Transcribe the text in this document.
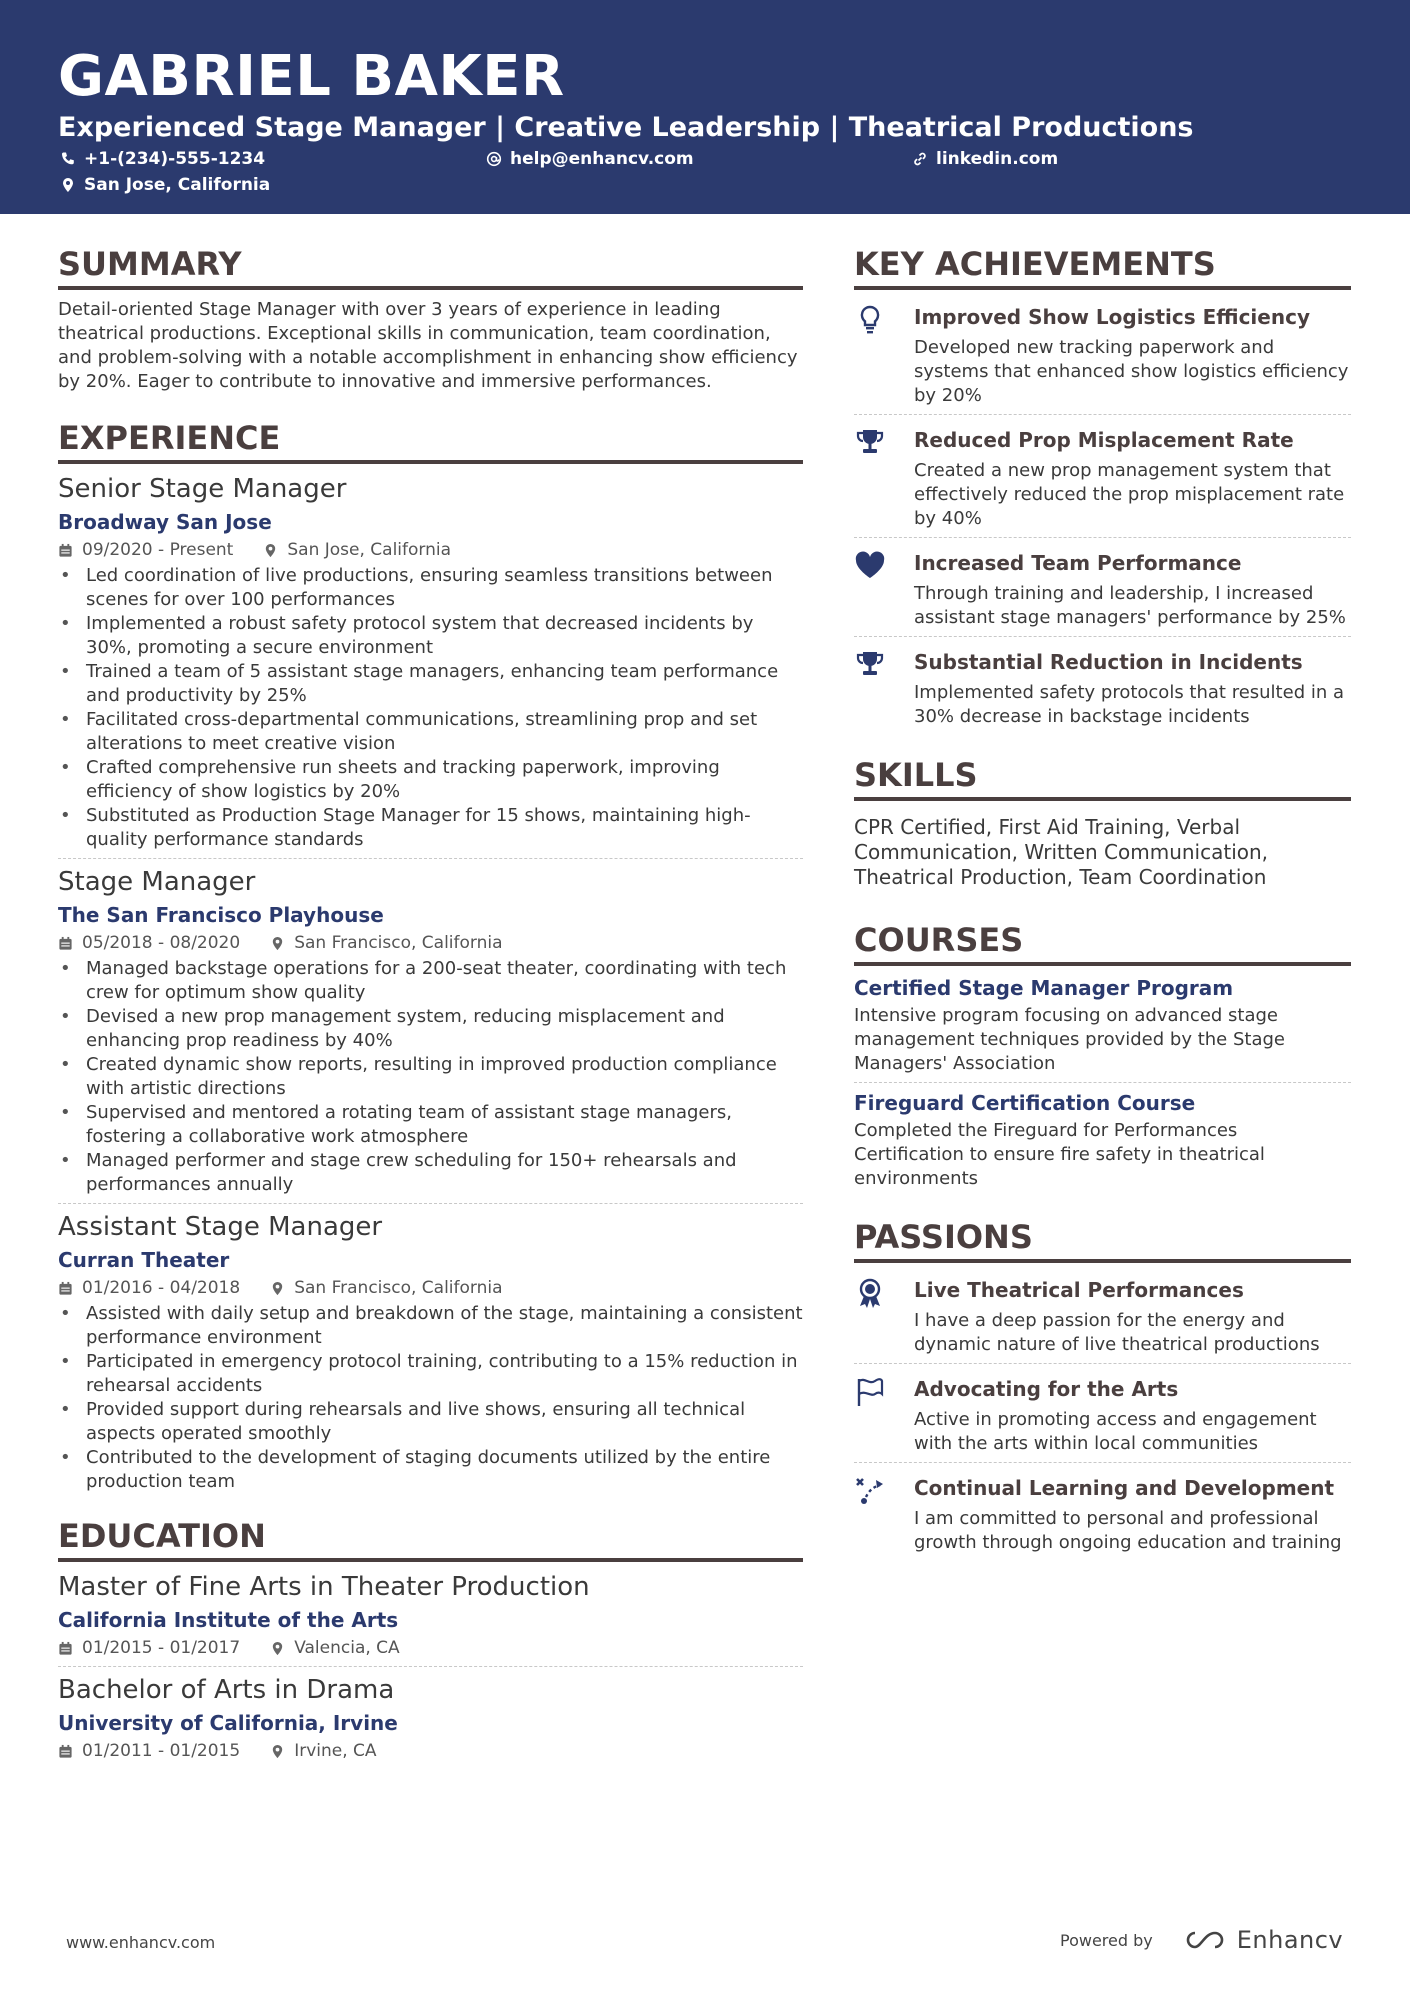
GABRIEL BAKER
Experienced Stage Manager | Creative Leadership | Theatrical Productions
+1-(234)-555-1234	help@enhancv.com	linkedin.com
San Jose, California
SUMMARY

Detail-oriented Stage Manager with over 3 years of experience in leading theatrical productions. Exceptional skills in communication, team coordination, and problem-solving with a notable accomplishment in enhancing show efficiency by 20%. Eager to contribute to innovative and immersive performances.

EXPERIENCE
Senior Stage Manager
Broadway San Jose
09/2020 - Present	San Jose, California
• Led coordination of live productions, ensuring seamless transitions between scenes for over 100 performances
• Implemented a robust safety protocol system that decreased incidents by 30%, promoting a secure environment
• Trained a team of 5 assistant stage managers, enhancing team performance and productivity by 25%
• Facilitated cross-departmental communications, streamlining prop and set alterations to meet creative vision
• Crafted comprehensive run sheets and tracking paperwork, improving efficiency of show logistics by 20%
• Substituted as Production Stage Manager for 15 shows, maintaining high-quality performance standards
Stage Manager
The San Francisco Playhouse
05/2018 - 08/2020	San Francisco, California
• Managed backstage operations for a 200-seat theater, coordinating with tech crew for optimum show quality
• Devised a new prop management system, reducing misplacement and enhancing prop readiness by 40%
• Created dynamic show reports, resulting in improved production compliance with artistic directions
• Supervised and mentored a rotating team of assistant stage managers, fostering a collaborative work atmosphere
• Managed performer and stage crew scheduling for 150+ rehearsals and performances annually
Assistant Stage Manager
Curran Theater
01/2016 - 04/2018	San Francisco, California
• Assisted with daily setup and breakdown of the stage, maintaining a consistent performance environment
• Participated in emergency protocol training, contributing to a 15% reduction in rehearsal accidents
• Provided support during rehearsals and live shows, ensuring all technical aspects operated smoothly
• Contributed to the development of staging documents utilized by the entire production team
EDUCATION
Master of Fine Arts in Theater Production
California Institute of the Arts
01/2015 - 01/2017	Valencia, CA
Bachelor of Arts in Drama
University of California, Irvine
01/2011 - 01/2015	Irvine, CA
KEY ACHIEVEMENTS
Improved Show Logistics Efficiency

Developed new tracking paperwork and systems that enhanced show logistics efficiency by 20%

Reduced Prop Misplacement Rate

Created a new prop management system that effectively reduced the prop misplacement rate by 40%

Increased Team Performance

Through training and leadership, I increased assistant stage managers' performance by 25%

Substantial Reduction in Incidents

Implemented safety protocols that resulted in a 30% decrease in backstage incidents

SKILLS

CPR Certified, First Aid Training, Verbal Communication, Written Communication, Theatrical Production, Team Coordination

COURSES
Certified Stage Manager Program

Intensive program focusing on advanced stage management techniques provided by the Stage Managers' Association

Fireguard Certification Course

Completed the Fireguard for Performances Certification to ensure fire safety in theatrical environments

PASSIONS
Live Theatrical Performances

I have a deep passion for the energy and dynamic nature of live theatrical productions

Advocating for the Arts

Active in promoting access and engagement with the arts within local communities

Continual Learning and Development

I am committed to personal and professional growth through ongoing education and training

www.enhancv.com	Powered by	Enhancv
